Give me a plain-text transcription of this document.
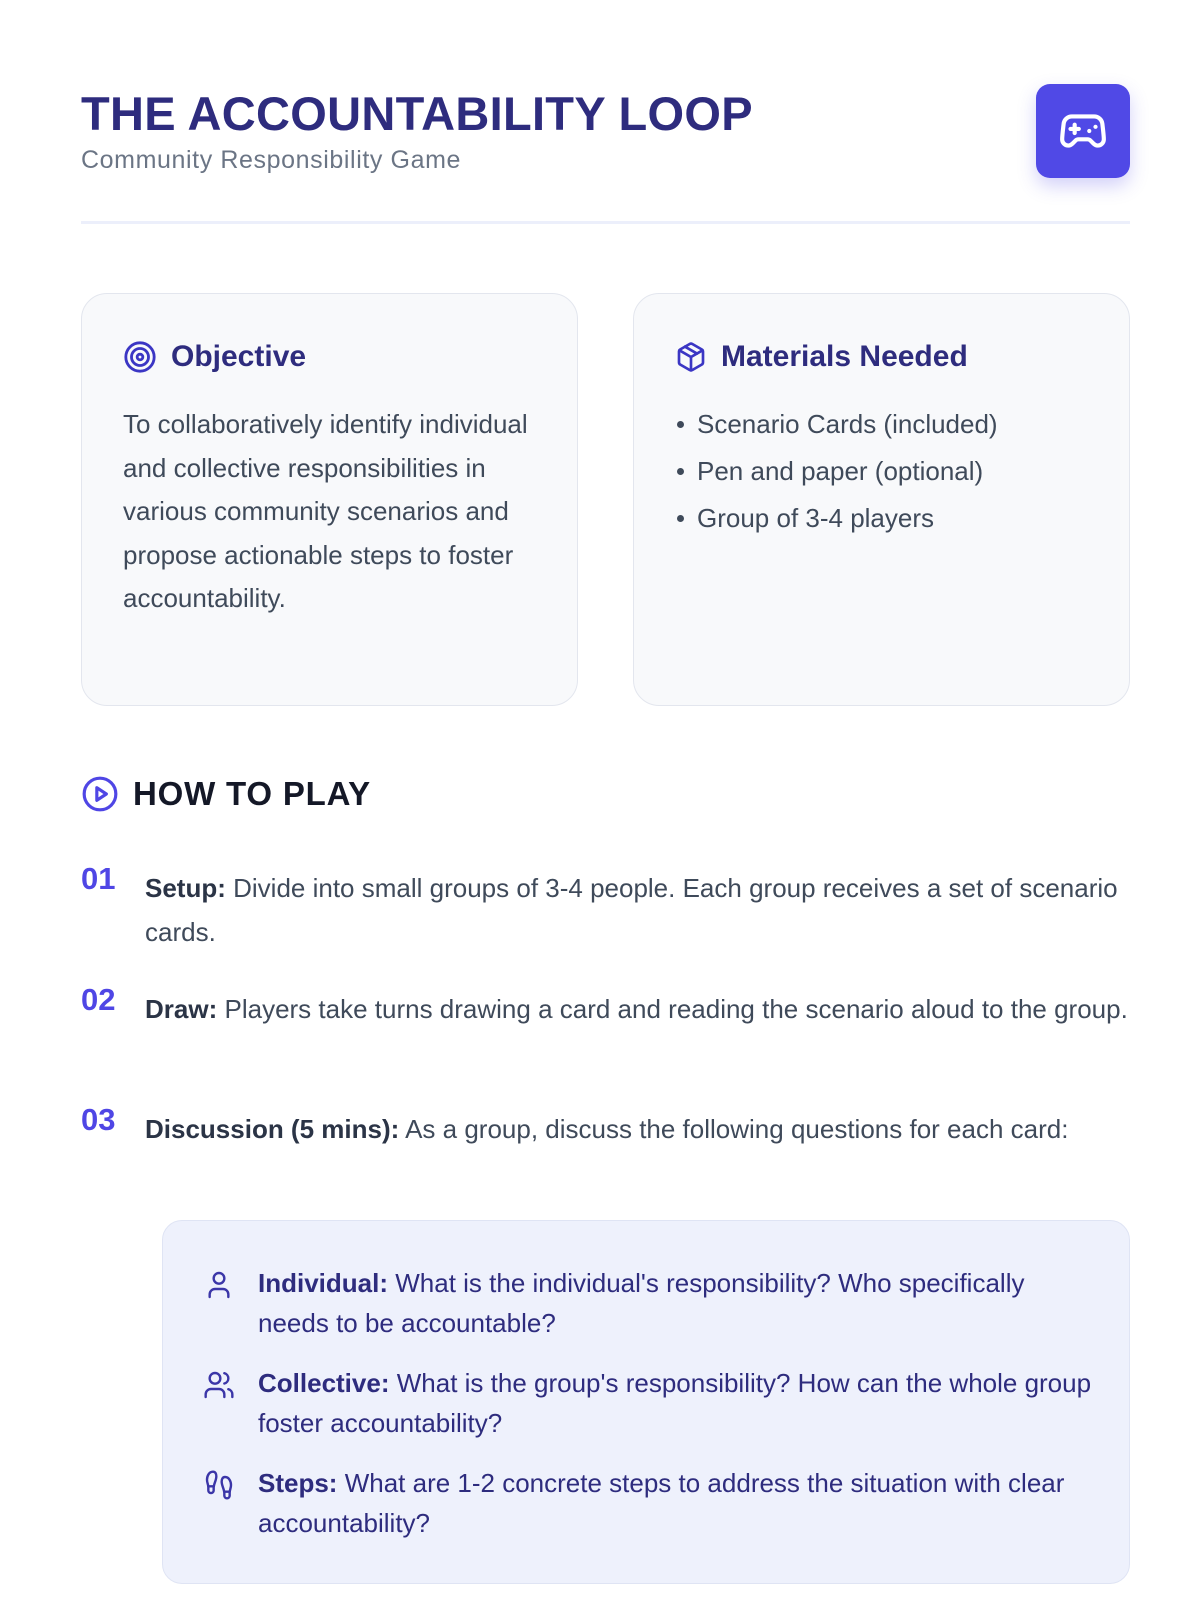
THE ACCOUNTABILITY LOOP
Community Responsibility Game
Objective
To collaboratively identify individual and collective responsibilities in various community scenarios and propose actionable steps to foster accountability.
Materials Needed
Scenario Cards (included)
Pen and paper (optional)
Group of 3-4 players
HOW TO PLAY
01 Setup: Divide into small groups of 3-4 people. Each group receives a set of scenario cards.
02 Draw: Players take turns drawing a card and reading the scenario aloud to the group.
03 Discussion (5 mins): As a group, discuss the following questions for each card:
Individual: What is the individual's responsibility? Who specifically needs to be accountable?
Collective: What is the group's responsibility? How can the whole group foster accountability?
Steps: What are 1-2 concrete steps to address the situation with clear accountability?
